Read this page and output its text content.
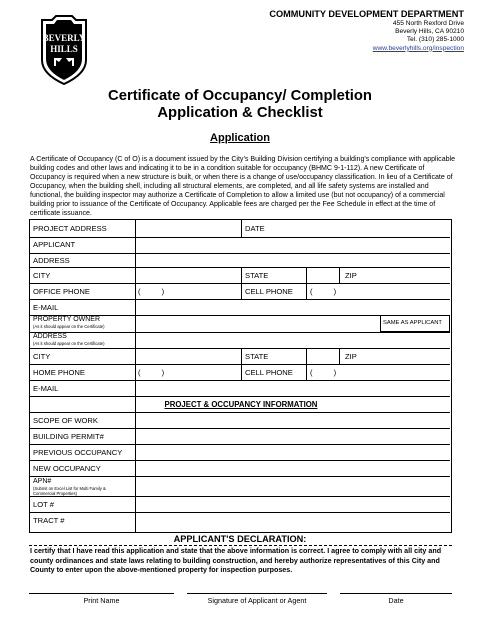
BEVERLY
HILLS
COMMUNITY DEVELOPMENT DEPARTMENT
455 North Rexford Drive
Beverly Hills, CA 90210
Tel. (310) 285-1000
www.beverlyhills.org/inspection
Certificate of Occupancy/ Completion
Application & Checklist
Application
A Certificate of Occupancy (C of O) is a document issued by the City’s Building Division certifying a building's compliance with applicable building codes and other laws and indicating it to be in a condition suitable for occupancy (BHMC 9-1-112). A new Certificate of Occupancy is required when a new structure is built, or when there is a change of use/occupancy classification. In lieu of a Certificate of Occupancy, when the building shell, including all structural elements, are completed, and all life safety systems are installed and functional, the building inspector may authorize a Certificate of Completion to allow a limited use (but not occupancy) of a commercial building prior to issuance of the Certificate of Occupancy. Applicable fees are charged per the Fee Schedule in effect at the time of certificate issuance.
PROJECT ADDRESS	DATE
APPLICANT
ADDRESS
CITY	STATE	ZIP
OFFICE PHONE	(          )	CELL PHONE (          )
E-MAIL
PROPERTY OWNER
(As it should appear on the Certificate)
SAME AS APPLICANT
ADDRESS
(As it should appear on the Certificate)
CITY	STATE	ZIP
HOME PHONE	(          )	CELL PHONE (          )
E-MAIL
PROJECT & OCCUPANCY INFORMATION
SCOPE OF WORK
BUILDING PERMIT#
PREVIOUS OCCUPANCY
NEW OCCUPANCY
APN#
(Submit on Excel List for Multi Family &
Commercial Properties)
LOT #
TRACT #
APPLICANT'S DECLARATION:
I certify that I have read this application and state that the above information is correct. I agree to comply with all city and county ordinances and state laws relating to building construction, and hereby authorize representatives of this City and County to enter upon the above-mentioned property for inspection purposes.
Print Name	Signature of Applicant or Agent	Date
